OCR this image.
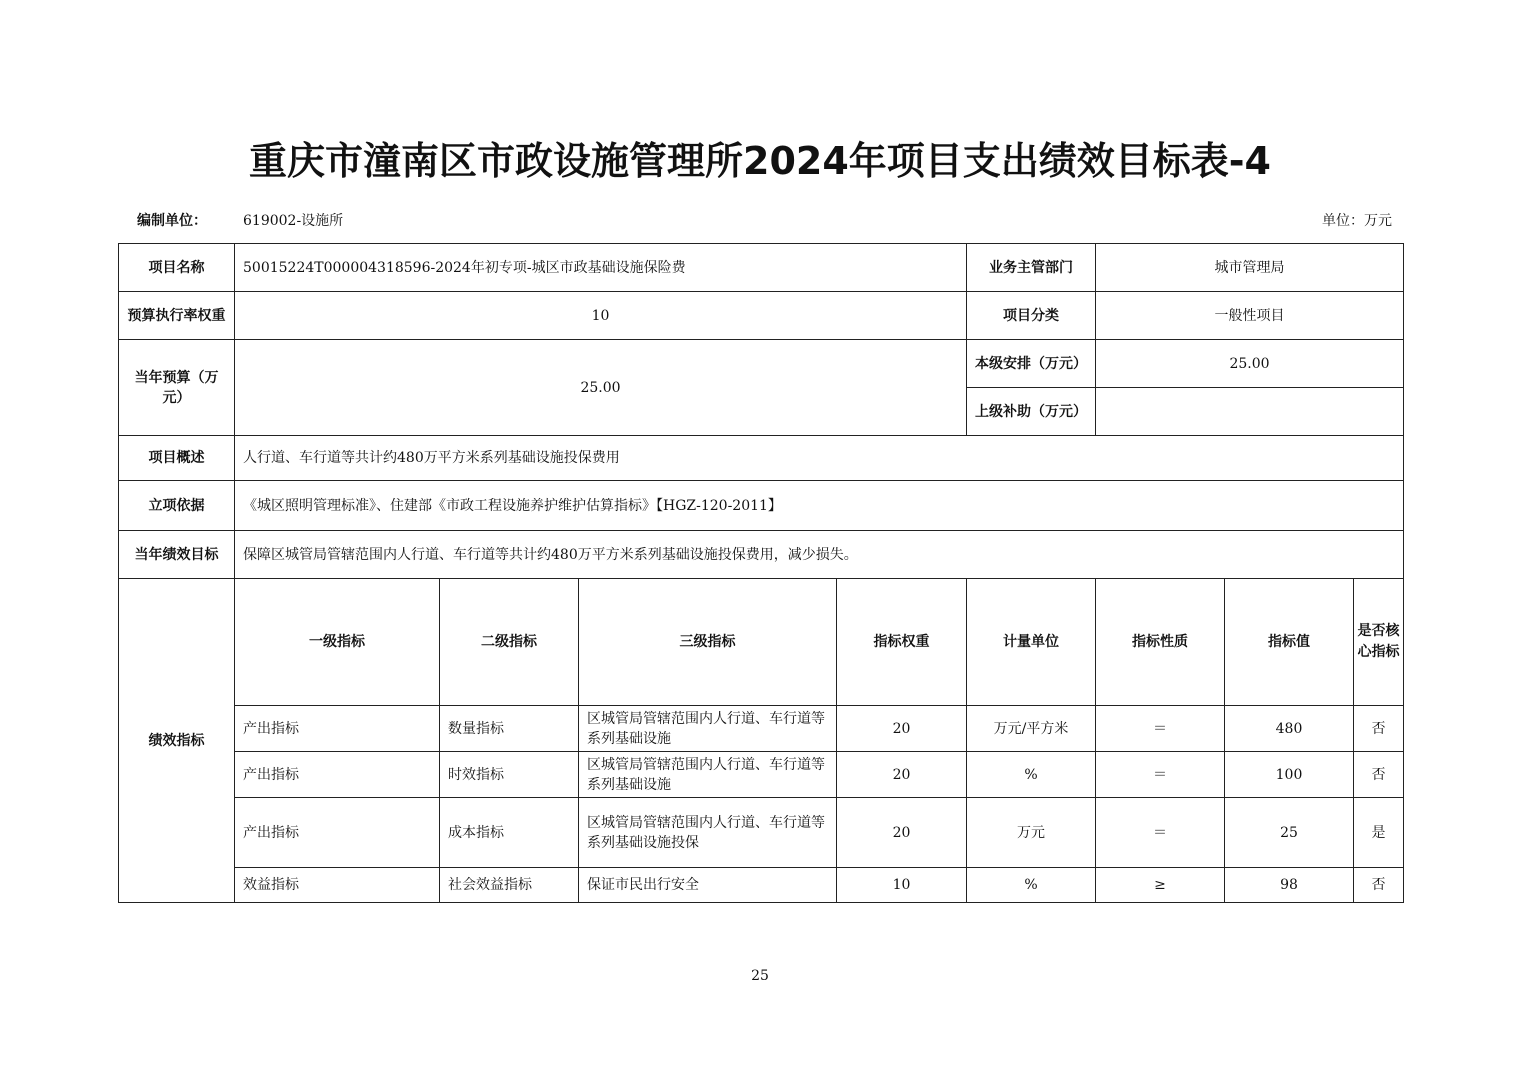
重庆市潼南区市政设施管理所2024年项目支出绩效目标表-4
编制单位：	619002-设施所	单位：万元
项目名称	50015224T000004318596-2024年初专项-城区市政基础设施保险费				业务主管部门	城市管理局		
预算执行率权重	10				项目分类	一般性项目		
当年预算（万元）	25.00				本级安排（万元）	25.00		
					上级补助（万元）			
项目概述	人行道、车行道等共计约480万平方米系列基础设施投保费用							
立项依据	《城区照明管理标准》、住建部《市政工程设施养护维护估算指标》【HGZ-120-2011】							
当年绩效目标	保障区城管局管辖范围内人行道、车行道等共计约480万平方米系列基础设施投保费用，减少损失。							
绩效指标	一级指标	二级指标	三级指标	指标权重	计量单位	指标性质	指标值	是否核心指标
	产出指标	数量指标	区城管局管辖范围内人行道、车行道等系列基础设施	20	万元/平方米	＝	480	否
	产出指标	时效指标	区城管局管辖范围内人行道、车行道等系列基础设施	20	%	＝	100	否
	产出指标	成本指标	区城管局管辖范围内人行道、车行道等系列基础设施投保	20	万元	＝	25	是
	效益指标	社会效益指标	保证市民出行安全	10	%	≥	98	否
25
